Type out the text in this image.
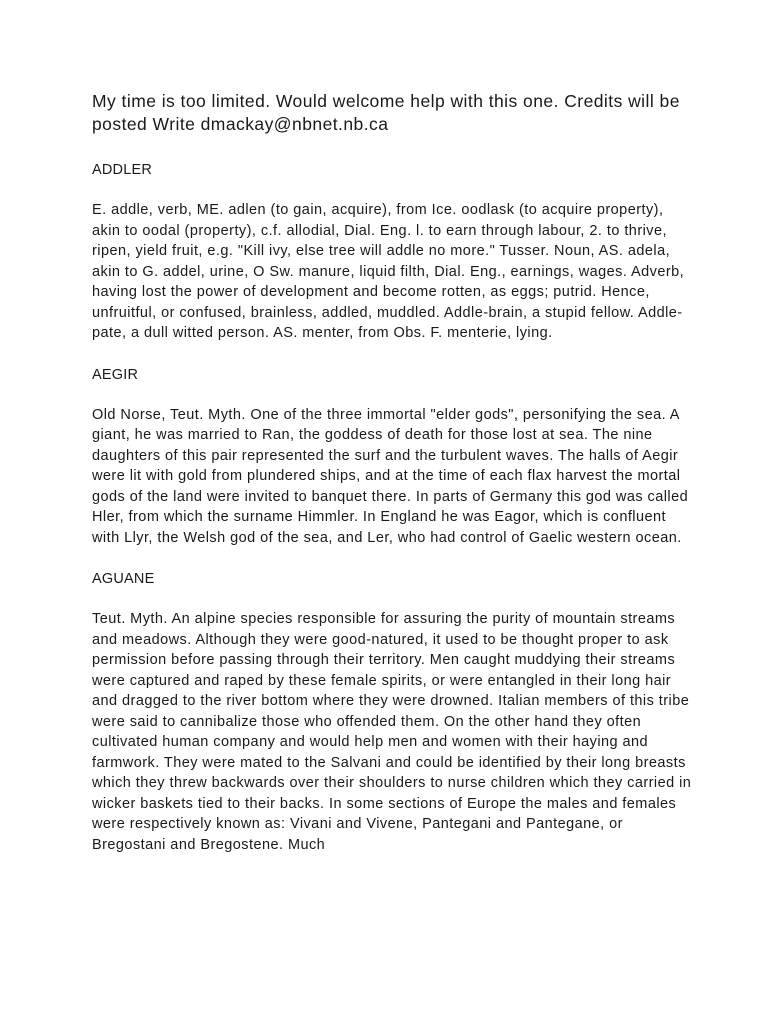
My time is too limited. Would welcome help with this one. Credits will be posted Write dmackay@nbnet.nb.ca

ADDLER

E. addle, verb, ME. adlen (to gain, acquire), from Ice. oodlask (to acquire property), akin to oodal (property), c.f. allodial, Dial. Eng. l. to earn through labour, 2. to thrive, ripen, yield fruit, e.g. "Kill ivy, else tree will addle no more." Tusser. Noun, AS. adela, akin to G. addel, urine, O Sw. manure, liquid filth, Dial. Eng., earnings, wages. Adverb, having lost the power of development and become rotten, as eggs; putrid. Hence, unfruitful, or confused, brainless, addled, muddled. Addle-brain, a stupid fellow. Addle-pate, a dull witted person. AS. menter, from Obs. F. menterie, lying.

AEGIR

Old Norse, Teut. Myth. One of the three immortal "elder gods", personifying the sea. A giant, he was married to Ran, the goddess of death for those lost at sea. The nine daughters of this pair represented the surf and the turbulent waves. The halls of Aegir were lit with gold from plundered ships, and at the time of each flax harvest the mortal gods of the land were invited to banquet there. In parts of Germany this god was called Hler, from which the surname Himmler. In England he was Eagor, which is confluent with Llyr, the Welsh god of the sea, and Ler, who had control of Gaelic western ocean.

AGUANE

Teut. Myth. An alpine species responsible for assuring the purity of mountain streams and meadows. Although they were good-natured, it used to be thought proper to ask permission before passing through their territory. Men caught muddying their streams were captured and raped by these female spirits, or were entangled in their long hair and dragged to the river bottom where they were drowned. Italian members of this tribe were said to cannibalize those who offended them. On the other hand they often cultivated human company and would help men and women with their haying and farmwork. They were mated to the Salvani and could be identified by their long breasts which they threw backwards over their shoulders to nurse children which they carried in wicker baskets tied to their backs. In some sections of Europe the males and females were respectively known as: Vivani and Vivene, Pantegani and Pantegane, or Bregostani and Bregostene. Much
